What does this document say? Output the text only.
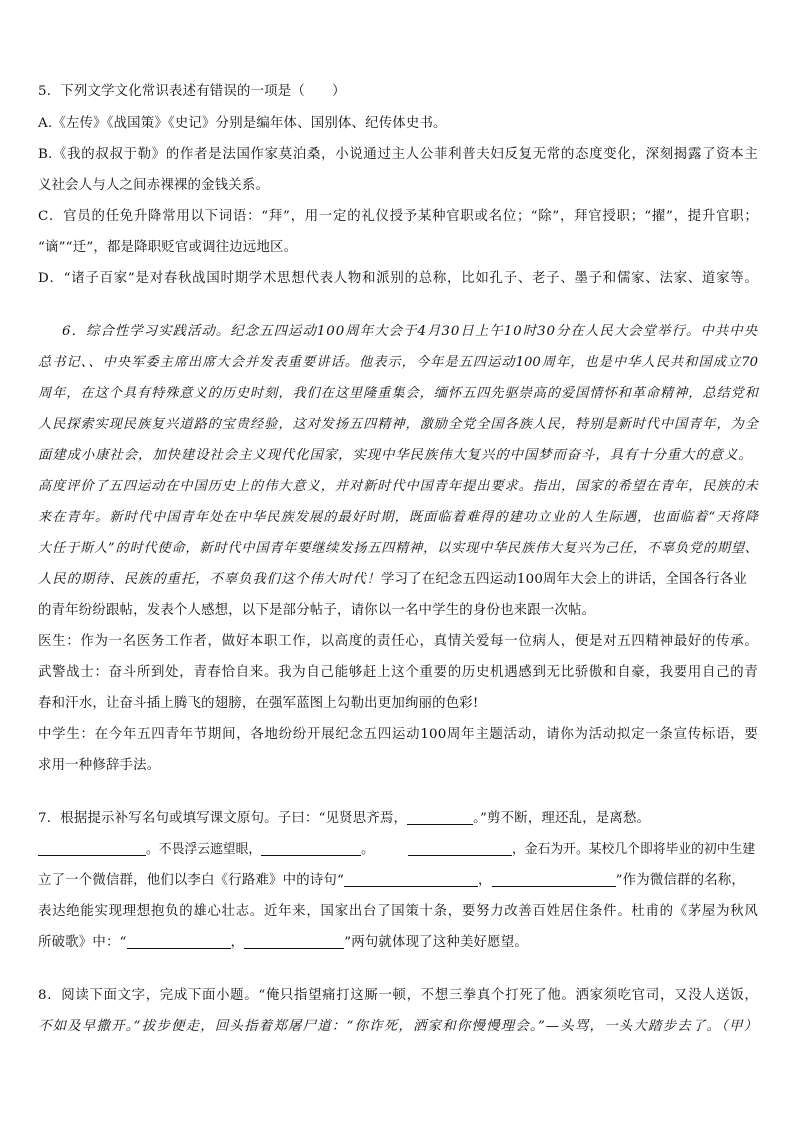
5．下列文学文化常识表述有错误的一项是（　　）
A.《左传》《战国策》《史记》分别是编年体、国别体、纪传体史书。
B.《我的叔叔于勒》的作者是法国作家莫泊桑，小说通过主人公菲利普夫妇反复无常的态度变化，深刻揭露了资本主
义社会人与人之间赤裸裸的金钱关系。
C．官员的任免升降常用以下词语：“拜”，用一定的礼仪授予某种官职或名位；“除”，拜官授职；“擢”，提升官职；
“谪”“迁”，都是降职贬官或调往边远地区。
D．“诸子百家”是对春秋战国时期学术思想代表人物和派别的总称，比如孔子、老子、墨子和儒家、法家、道家等。
6．综合性学习实践活动。纪念五四运动100周年大会于4月30日上午10时30分在人民大会堂举行。中共中央
总书记、、中央军委主席出席大会并发表重要讲话。他表示，今年是五四运动100周年，也是中华人民共和国成立70
周年，在这个具有特殊意义的历史时刻，我们在这里隆重集会，缅怀五四先驱崇高的爱国情怀和革命精神，总结党和
人民探索实现民族复兴道路的宝贵经验，这对发扬五四精神，激励全党全国各族人民，特别是新时代中国青年，为全
面建成小康社会，加快建设社会主义现代化国家，实现中华民族伟大复兴的中国梦而奋斗，具有十分重大的意义。
高度评价了五四运动在中国历史上的伟大意义，并对新时代中国青年提出要求。指出，国家的希望在青年，民族的未
来在青年。新时代中国青年处在中华民族发展的最好时期，既面临着难得的建功立业的人生际遇，也面临着“天将降
大任于斯人”的时代使命，新时代中国青年要继续发扬五四精神，以实现中华民族伟大复兴为己任，不辜负党的期望、
人民的期待、民族的重托，不辜负我们这个伟大时代！学习了在纪念五四运动100周年大会上的讲话，全国各行各业
的青年纷纷跟帖，发表个人感想，以下是部分帖子，请你以一名中学生的身份也来跟一次帖。
医生：作为一名医务工作者，做好本职工作，以高度的责任心，真情关爱每一位病人，便是对五四精神最好的传承。
武警战士：奋斗所到处，青春恰自来。我为自己能够赶上这个重要的历史机遇感到无比骄傲和自豪，我要用自己的青
春和汗水，让奋斗插上腾飞的翅膀，在强军蓝图上勾勒出更加绚丽的色彩!
中学生：在今年五四青年节期间，各地纷纷开展纪念五四运动100周年主题活动，请你为活动拟定一条宣传标语，要
求用一种修辞手法。
7．根据提示补写名句或填写课文原句。子曰：“见贤思齐焉，	。”剪不断，理还乱，是离愁。
。不畏浮云遮望眼，	。	，金石为开。某校几个即将毕业的初中生建
立了一个微信群，他们以李白《行路难》中的诗句“	，	”作为微信群的名称，
表达绝能实现理想抱负的雄心壮志。近年来，国家出台了国策十条，要努力改善百姓居住条件。杜甫的《茅屋为秋风
所破歌》中：“	，	”两句就体现了这种美好愿望。
8．阅读下面文字，完成下面小题。“俺只指望痛打这厮一顿，不想三拳真个打死了他。洒家须吃官司，又没人送饭，
不如及早撒开。”拔步便走，回头指着郑屠尸道：“你诈死，洒家和你慢慢理会。”—头骂，一头大踏步去了。（甲）
